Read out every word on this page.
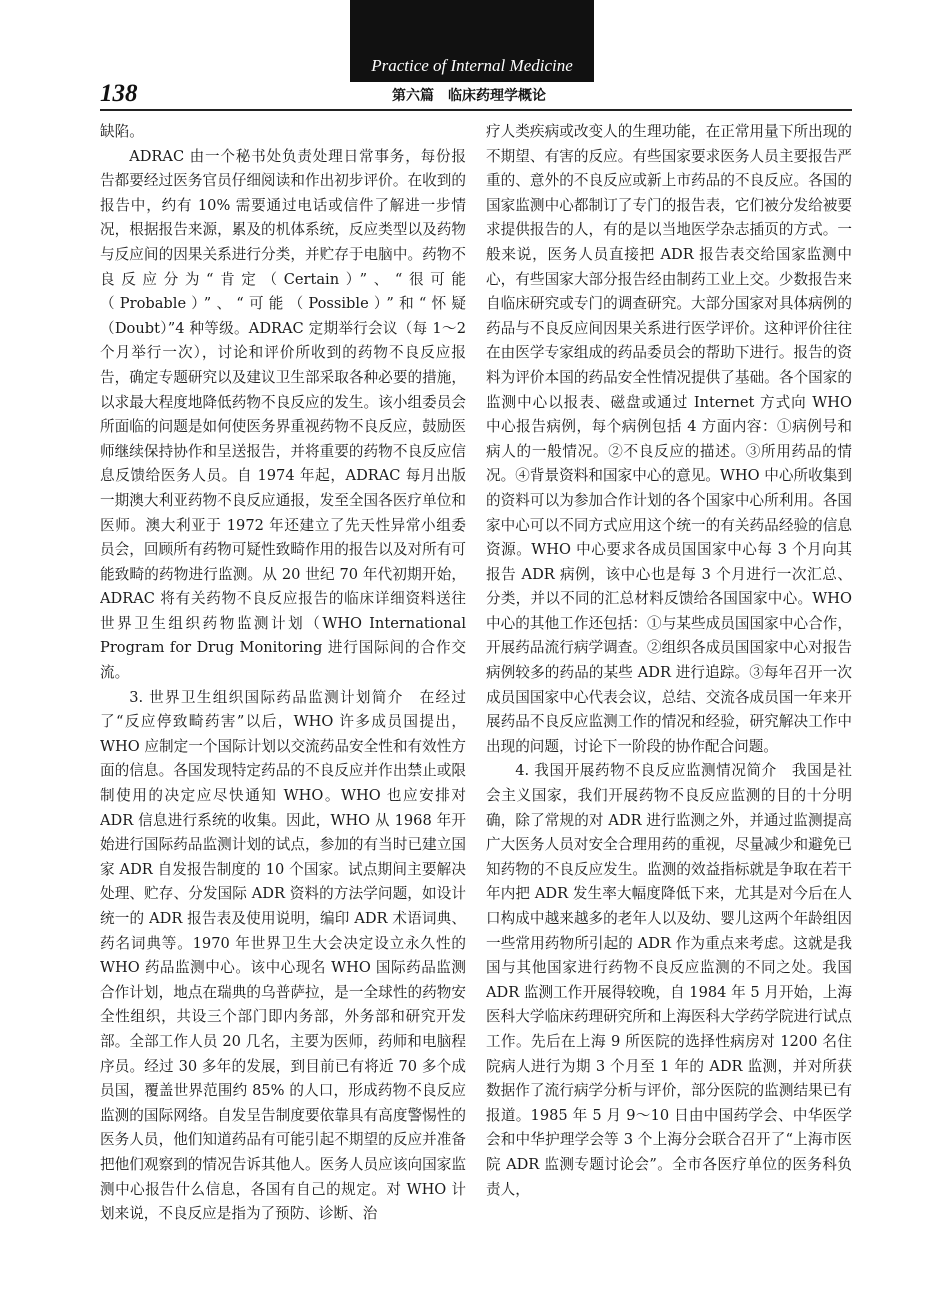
Practice of Internal Medicine
138	第六篇　临床药理学概论

缺陷。

ADRAC 由一个秘书处负责处理日常事务，每份报告都要经过医务官员仔细阅读和作出初步评价。在收到的报告中，约有 10% 需要通过电话或信件了解进一步情况，根据报告来源，累及的机体系统，反应类型以及药物与反应间的因果关系进行分类，并贮存于电脑中。药物不良反应分为“肯定（Certain）”、“很可能（Probable）”、“可能（Possible）”和“怀疑（Doubt）”4 种等级。ADRAC 定期举行会议（每 1～2 个月举行一次），讨论和评价所收到的药物不良反应报告，确定专题研究以及建议卫生部采取各种必要的措施，以求最大程度地降低药物不良反应的发生。该小组委员会所面临的问题是如何使医务界重视药物不良反应，鼓励医师继续保持协作和呈送报告，并将重要的药物不良反应信息反馈给医务人员。自 1974 年起，ADRAC 每月出版一期澳大利亚药物不良反应通报，发至全国各医疗单位和医师。澳大利亚于 1972 年还建立了先天性异常小组委员会，回顾所有药物可疑性致畸作用的报告以及对所有可能致畸的药物进行监测。从 20 世纪 70 年代初期开始，ADRAC 将有关药物不良反应报告的临床详细资料送往世界卫生组织药物监测计划（WHO International Program for Drug Monitoring 进行国际间的合作交流。

3. 世界卫生组织国际药品监测计划简介　在经过了“反应停致畸药害”以后，WHO 许多成员国提出，WHO 应制定一个国际计划以交流药品安全性和有效性方面的信息。各国发现特定药品的不良反应并作出禁止或限制使用的决定应尽快通知 WHO。WHO 也应安排对 ADR 信息进行系统的收集。因此，WHO 从 1968 年开始进行国际药品监测计划的试点，参加的有当时已建立国家 ADR 自发报告制度的 10 个国家。试点期间主要解决处理、贮存、分发国际 ADR 资料的方法学问题，如设计统一的 ADR 报告表及使用说明，编印 ADR 术语词典、药名词典等。1970 年世界卫生大会决定设立永久性的 WHO 药品监测中心。该中心现名 WHO 国际药品监测合作计划，地点在瑞典的乌普萨拉，是一全球性的药物安全性组织，共设三个部门即内务部，外务部和研究开发部。全部工作人员 20 几名，主要为医师，药师和电脑程序员。经过 30 多年的发展，到目前已有将近 70 多个成员国，覆盖世界范围约 85% 的人口，形成药物不良反应监测的国际网络。自发呈告制度要依靠具有高度警惕性的医务人员，他们知道药品有可能引起不期望的反应并准备把他们观察到的情况告诉其他人。医务人员应该向国家监测中心报告什么信息，各国有自己的规定。对 WHO 计划来说，不良反应是指为了预防、诊断、治

疗人类疾病或改变人的生理功能，在正常用量下所出现的不期望、有害的反应。有些国家要求医务人员主要报告严重的、意外的不良反应或新上市药品的不良反应。各国的国家监测中心都制订了专门的报告表，它们被分发给被要求提供报告的人，有的是以当地医学杂志插页的方式。一般来说，医务人员直接把 ADR 报告表交给国家监测中心，有些国家大部分报告经由制药工业上交。少数报告来自临床研究或专门的调查研究。大部分国家对具体病例的药品与不良反应间因果关系进行医学评价。这种评价往往在由医学专家组成的药品委员会的帮助下进行。报告的资料为评价本国的药品安全性情况提供了基础。各个国家的监测中心以报表、磁盘或通过 Internet 方式向 WHO 中心报告病例，每个病例包括 4 方面内容：①病例号和病人的一般情况。②不良反应的描述。③所用药品的情况。④背景资料和国家中心的意见。WHO 中心所收集到的资料可以为参加合作计划的各个国家中心所利用。各国家中心可以不同方式应用这个统一的有关药品经验的信息资源。WHO 中心要求各成员国国家中心每 3 个月向其报告 ADR 病例，该中心也是每 3 个月进行一次汇总、分类，并以不同的汇总材料反馈给各国国家中心。WHO 中心的其他工作还包括：①与某些成员国国家中心合作，开展药品流行病学调查。②组织各成员国国家中心对报告病例较多的药品的某些 ADR 进行追踪。③每年召开一次成员国国家中心代表会议，总结、交流各成员国一年来开展药品不良反应监测工作的情况和经验，研究解决工作中出现的问题，讨论下一阶段的协作配合问题。

4. 我国开展药物不良反应监测情况简介　我国是社会主义国家，我们开展药物不良反应监测的目的十分明确，除了常规的对 ADR 进行监测之外，并通过监测提高广大医务人员对安全合理用药的重视，尽量减少和避免已知药物的不良反应发生。监测的效益指标就是争取在若干年内把 ADR 发生率大幅度降低下来，尤其是对今后在人口构成中越来越多的老年人以及幼、婴儿这两个年龄组因一些常用药物所引起的 ADR 作为重点来考虑。这就是我国与其他国家进行药物不良反应监测的不同之处。我国 ADR 监测工作开展得较晚，自 1984 年 5 月开始，上海医科大学临床药理研究所和上海医科大学药学院进行试点工作。先后在上海 9 所医院的选择性病房对 1200 名住院病人进行为期 3 个月至 1 年的 ADR 监测，并对所获数据作了流行病学分析与评价，部分医院的监测结果已有报道。1985 年 5 月 9～10 日由中国药学会、中华医学会和中华护理学会等 3 个上海分会联合召开了“上海市医院 ADR 监测专题讨论会”。全市各医疗单位的医务科负责人，
